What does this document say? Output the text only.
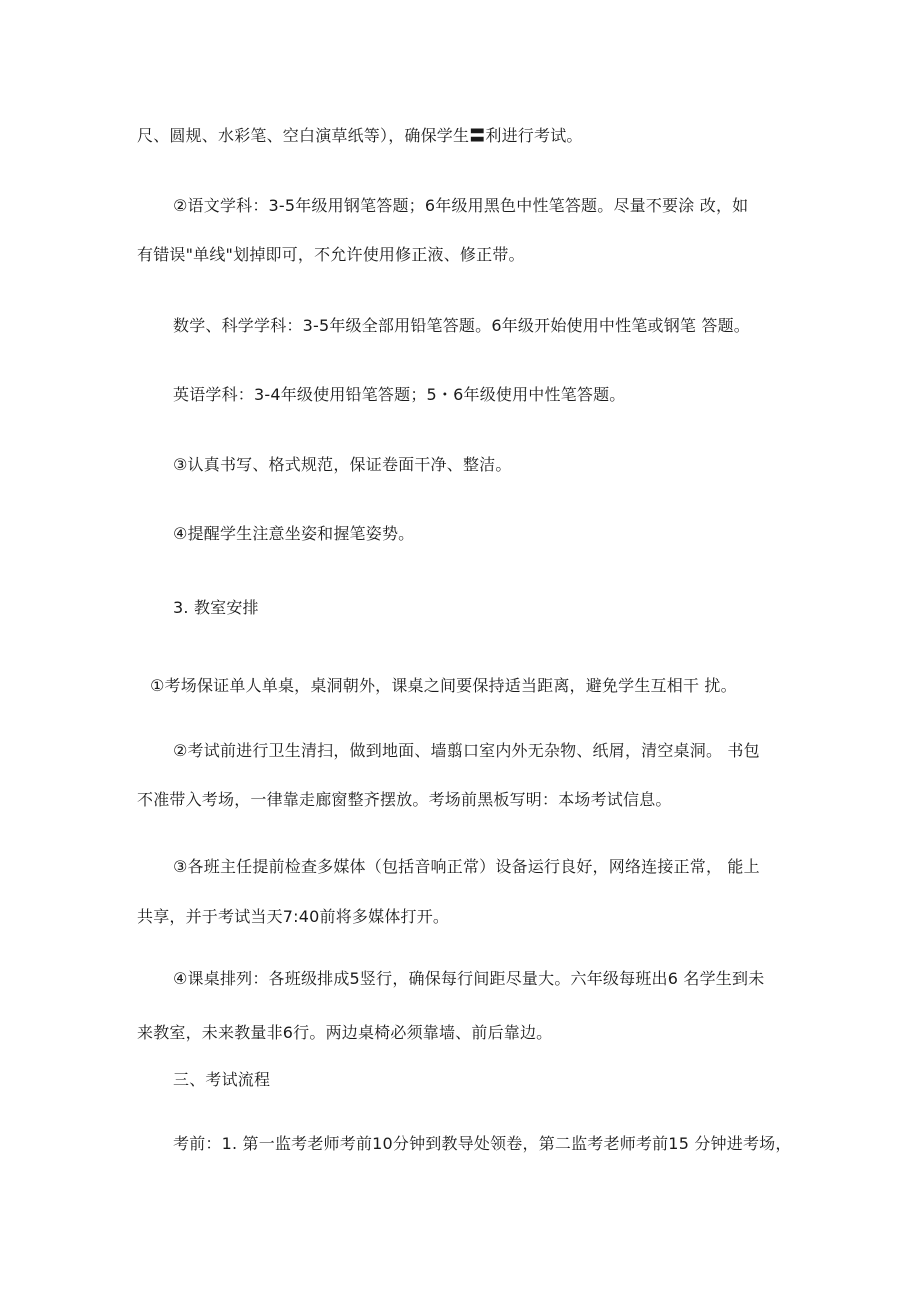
尺、圆规、水彩笔、空白演草纸等），确保学生〓利进行考试。
②语文学科：3-5年级用钢笔答题；6年级用黑色中性笔答题。尽量不要涂 改，如
有错误"单线"划掉即可，不允许使用修正液、修正带。
数学、科学学科：3-5年级全部用铅笔答题。6年级开始使用中性笔或钢笔 答题。
英语学科：3-4年级使用铅笔答题；5・6年级使用中性笔答题。
③认真书写、格式规范，保证卷面干净、整洁。
④提醒学生注意坐姿和握笔姿势。
3. 教室安排
①考场保证单人单桌，桌洞朝外，课桌之间要保持适当距离，避免学生互相干 扰。
②考试前进行卫生清扫，做到地面、墙翦口室内外无杂物、纸屑，清空桌洞。 书包
不准带入考场，一律靠走廊窗整齐摆放。考场前黑板写明：本场考试信息。
③各班主任提前检查多媒体（包括音响正常）设备运行良好，网络连接正常， 能上
共享，并于考试当天7:40前将多媒体打开。
④课桌排列：各班级排成5竖行，确保每行间距尽量大。六年级每班出6 名学生到未
来教室，未来教量非6行。两边桌椅必须靠墙、前后靠边。
三、考试流程
考前：1. 第一监考老师考前10分钟到教导处领卷，第二监考老师考前15 分钟进考场，
